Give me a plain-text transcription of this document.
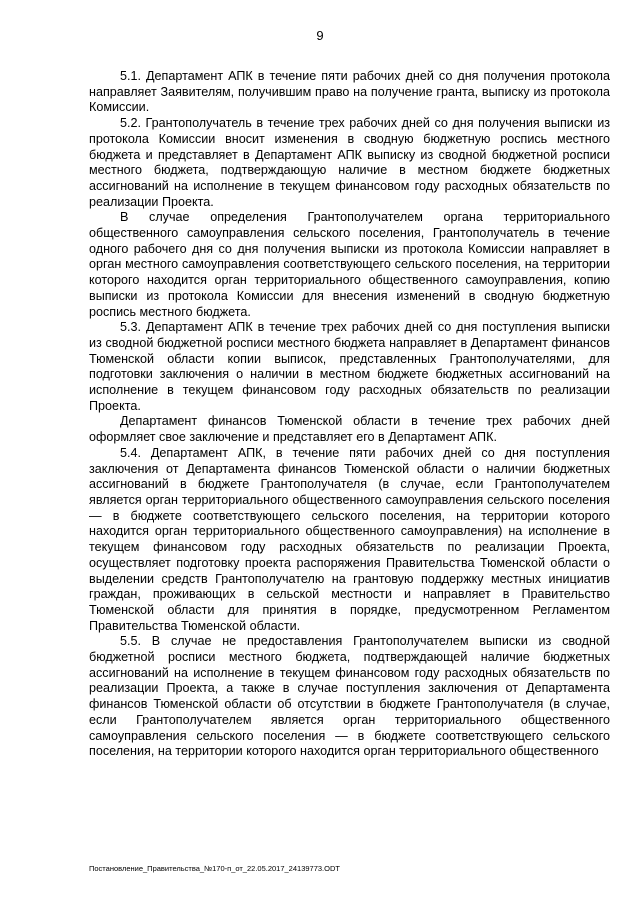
9

5.1. Департамент АПК в течение пяти рабочих дней со дня получения протокола направляет Заявителям, получившим право на получение гранта, выписку из протокола Комиссии.

5.2. Грантополучатель в течение трех рабочих дней со дня получения выписки из протокола Комиссии вносит изменения в сводную бюджетную роспись местного бюджета и представляет в Департамент АПК выписку из сводной бюджетной росписи местного бюджета, подтверждающую наличие в местном бюджете бюджетных ассигнований на исполнение в текущем финансовом году расходных обязательств по реализации Проекта.

В случае определения Грантополучателем органа территориального общественного самоуправления сельского поселения, Грантополучатель в течение одного рабочего дня со дня получения выписки из протокола Комиссии направляет в орган местного самоуправления соответствующего сельского поселения, на территории которого находится орган территориального общественного самоуправления, копию выписки из протокола Комиссии для внесения изменений в сводную бюджетную роспись местного бюджета.

5.3. Департамент АПК в течение трех рабочих дней со дня поступления выписки из сводной бюджетной росписи местного бюджета направляет в Департамент финансов Тюменской области копии выписок, представленных Грантополучателями, для подготовки заключения о наличии в местном бюджете бюджетных ассигнований на исполнение в текущем финансовом году расходных обязательств по реализации Проекта.

Департамент финансов Тюменской области в течение трех рабочих дней оформляет свое заключение и представляет его в Департамент АПК.

5.4. Департамент АПК, в течение пяти рабочих дней со дня поступления заключения от Департамента финансов Тюменской области о наличии бюджетных ассигнований в бюджете Грантополучателя (в случае, если Грантополучателем является орган территориального общественного самоуправления сельского поселения — в бюджете соответствующего сельского поселения, на территории которого находится орган территориального общественного самоуправления) на исполнение в текущем финансовом году расходных обязательств по реализации Проекта, осуществляет подготовку проекта распоряжения Правительства Тюменской области о выделении средств Грантополучателю на грантовую поддержку местных инициатив граждан, проживающих в сельской местности и направляет в Правительство Тюменской области для принятия в порядке, предусмотренном Регламентом Правительства Тюменской области.

5.5. В случае не предоставления Грантополучателем выписки из сводной бюджетной росписи местного бюджета, подтверждающей наличие бюджетных ассигнований на исполнение в текущем финансовом году расходных обязательств по реализации Проекта, а также в случае поступления заключения от Департамента финансов Тюменской области об отсутствии в бюджете Грантополучателя (в случае, если Грантополучателем является орган территориального общественного самоуправления сельского поселения — в бюджете соответствующего сельского поселения, на территории которого находится орган территориального общественного

Постановление_Правительства_№170-п_от_22.05.2017_24139773.ODT
